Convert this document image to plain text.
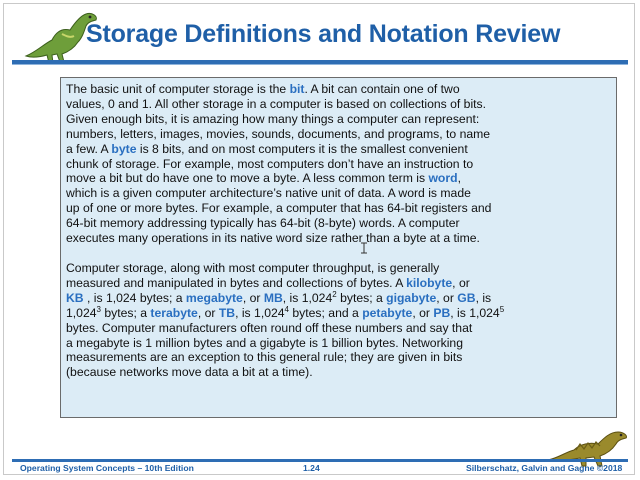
Storage Definitions and Notation Review

The basic unit of computer storage is the bit. A bit can contain one of two
values, 0 and 1. All other storage in a computer is based on collections of bits.
Given enough bits, it is amazing how many things a computer can represent:
numbers, letters, images, movies, sounds, documents, and programs, to name
a few. A byte is 8 bits, and on most computers it is the smallest convenient
chunk of storage. For example, most computers don’t have an instruction to
move a bit but do have one to move a byte. A less common term is word,
which is a given computer architecture’s native unit of data. A word is made
up of one or more bytes. For example, a computer that has 64-bit registers and
64-bit memory addressing typically has 64-bit (8-byte) words. A computer
executes many operations in its native word size rather than a byte at a time.

Computer storage, along with most computer throughput, is generally
measured and manipulated in bytes and collections of bytes. A kilobyte, or
KB , is 1,024 bytes; a megabyte, or MB, is 1,024$^2$ bytes; a gigabyte, or GB, is
1,024$^3$ bytes; a terabyte, or TB, is 1,024$^4$ bytes; and a petabyte, or PB, is 1,024$^5$
bytes. Computer manufacturers often round off these numbers and say that
a megabyte is 1 million bytes and a gigabyte is 1 billion bytes. Networking
measurements are an exception to this general rule; they are given in bits
(because networks move data a bit at a time).

Operating System Concepts – 10th Edition	1.24	Silberschatz, Galvin and Gagne ©2018
